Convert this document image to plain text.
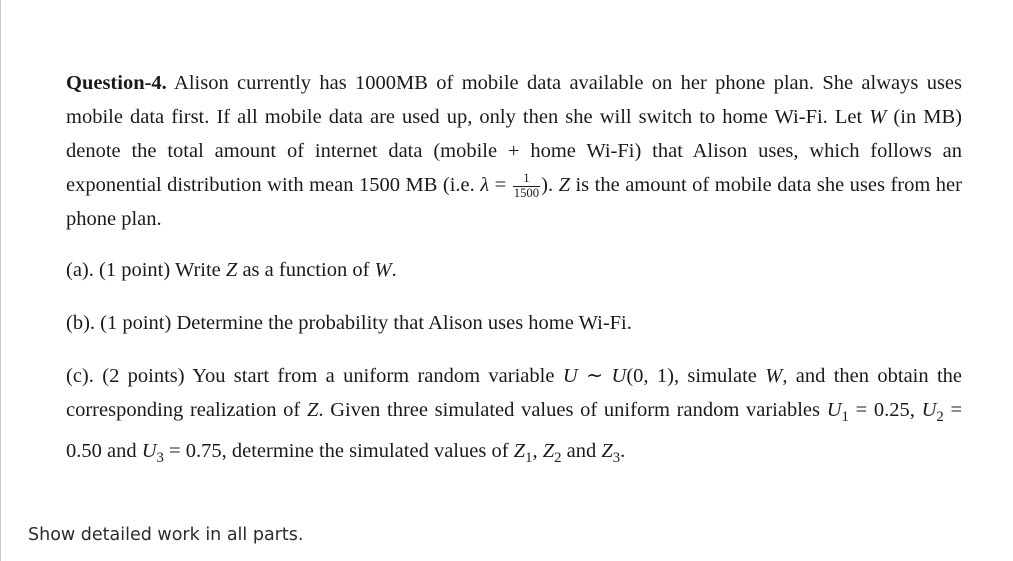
Question-4. Alison currently has 1000MB of mobile data available on her phone plan. She always uses mobile data first. If all mobile data are used up, only then she will switch to home Wi-Fi. Let W (in MB) denote the total amount of internet data (mobile + home Wi-Fi) that Alison uses, which follows an exponential distribution with mean 1500 MB (i.e. $\lambda = \frac{1}{1500}$ ). Z is the amount of mobile data she uses from her phone plan.

(a). (1 point) Write Z as a function of W.

(b). (1 point) Determine the probability that Alison uses home Wi-Fi.

(c). (2 points) You start from a uniform random variable U ∼ U(0, 1), simulate W, and then obtain the corresponding realization of Z. Given three simulated values of uniform random variables $U_1 = 0.25$, $U_2 = 0.50$ and $U_3 = 0.75$, determine the simulated values of $Z_1$, $Z_2$ and $Z_3$.

Show detailed work in all parts.
